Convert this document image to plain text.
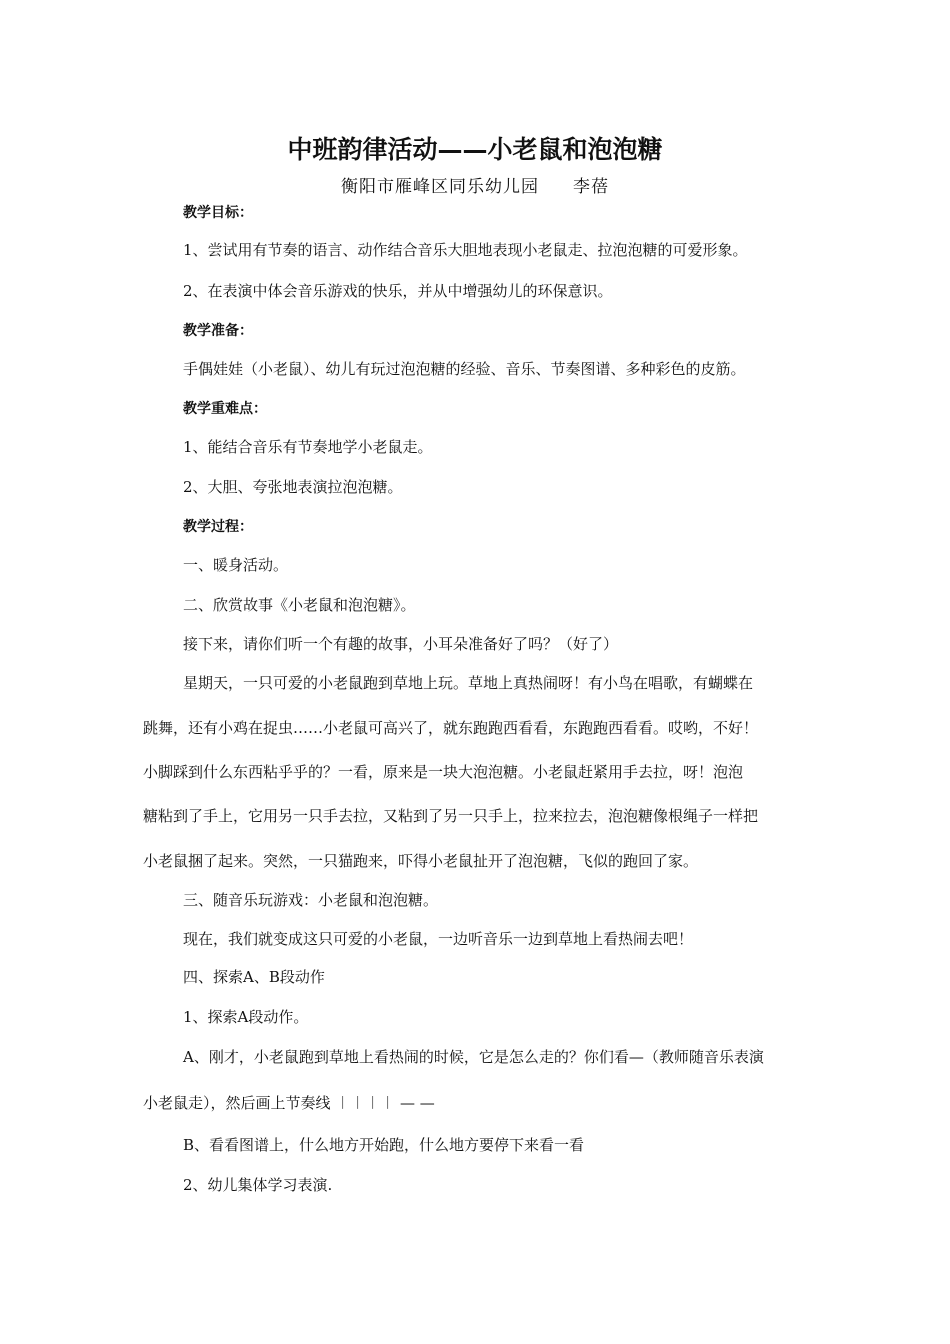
中班韵律活动——小老鼠和泡泡糖

衡阳市雁峰区同乐幼儿园 李蓓

教学目标：

1、尝试用有节奏的语言、动作结合音乐大胆地表现小老鼠走、拉泡泡糖的可爱形象。

2、在表演中体会音乐游戏的快乐，并从中增强幼儿的环保意识。

教学准备：

手偶娃娃（小老鼠）、幼儿有玩过泡泡糖的经验、音乐、节奏图谱、多种彩色的皮筋。

教学重难点：

1、能结合音乐有节奏地学小老鼠走。

2、大胆、夸张地表演拉泡泡糖。

教学过程：

一、暖身活动。

二、欣赏故事《小老鼠和泡泡糖》。

接下来，请你们听一个有趣的故事，小耳朵准备好了吗？（好了）

星期天，一只可爱的小老鼠跑到草地上玩。草地上真热闹呀！有小鸟在唱歌，有蝴蝶在

跳舞，还有小鸡在捉虫……小老鼠可高兴了，就东跑跑西看看，东跑跑西看看。哎哟，不好！

小脚踩到什么东西粘乎乎的？一看，原来是一块大泡泡糖。小老鼠赶紧用手去拉，呀！泡泡

糖粘到了手上，它用另一只手去拉，又粘到了另一只手上，拉来拉去，泡泡糖像根绳子一样把

小老鼠捆了起来。突然，一只猫跑来，吓得小老鼠扯开了泡泡糖，飞似的跑回了家。

三、随音乐玩游戏：小老鼠和泡泡糖。

现在，我们就变成这只可爱的小老鼠，一边听音乐一边到草地上看热闹去吧！

四、探索A、B段动作

1、探索A段动作。

A、刚才，小老鼠跑到草地上看热闹的时候，它是怎么走的？你们看—（教师随音乐表演

小老鼠走），然后画上节奏线 ︱︱︱︱ — —

B、看看图谱上，什么地方开始跑，什么地方要停下来看一看

2、幼儿集体学习表演.
